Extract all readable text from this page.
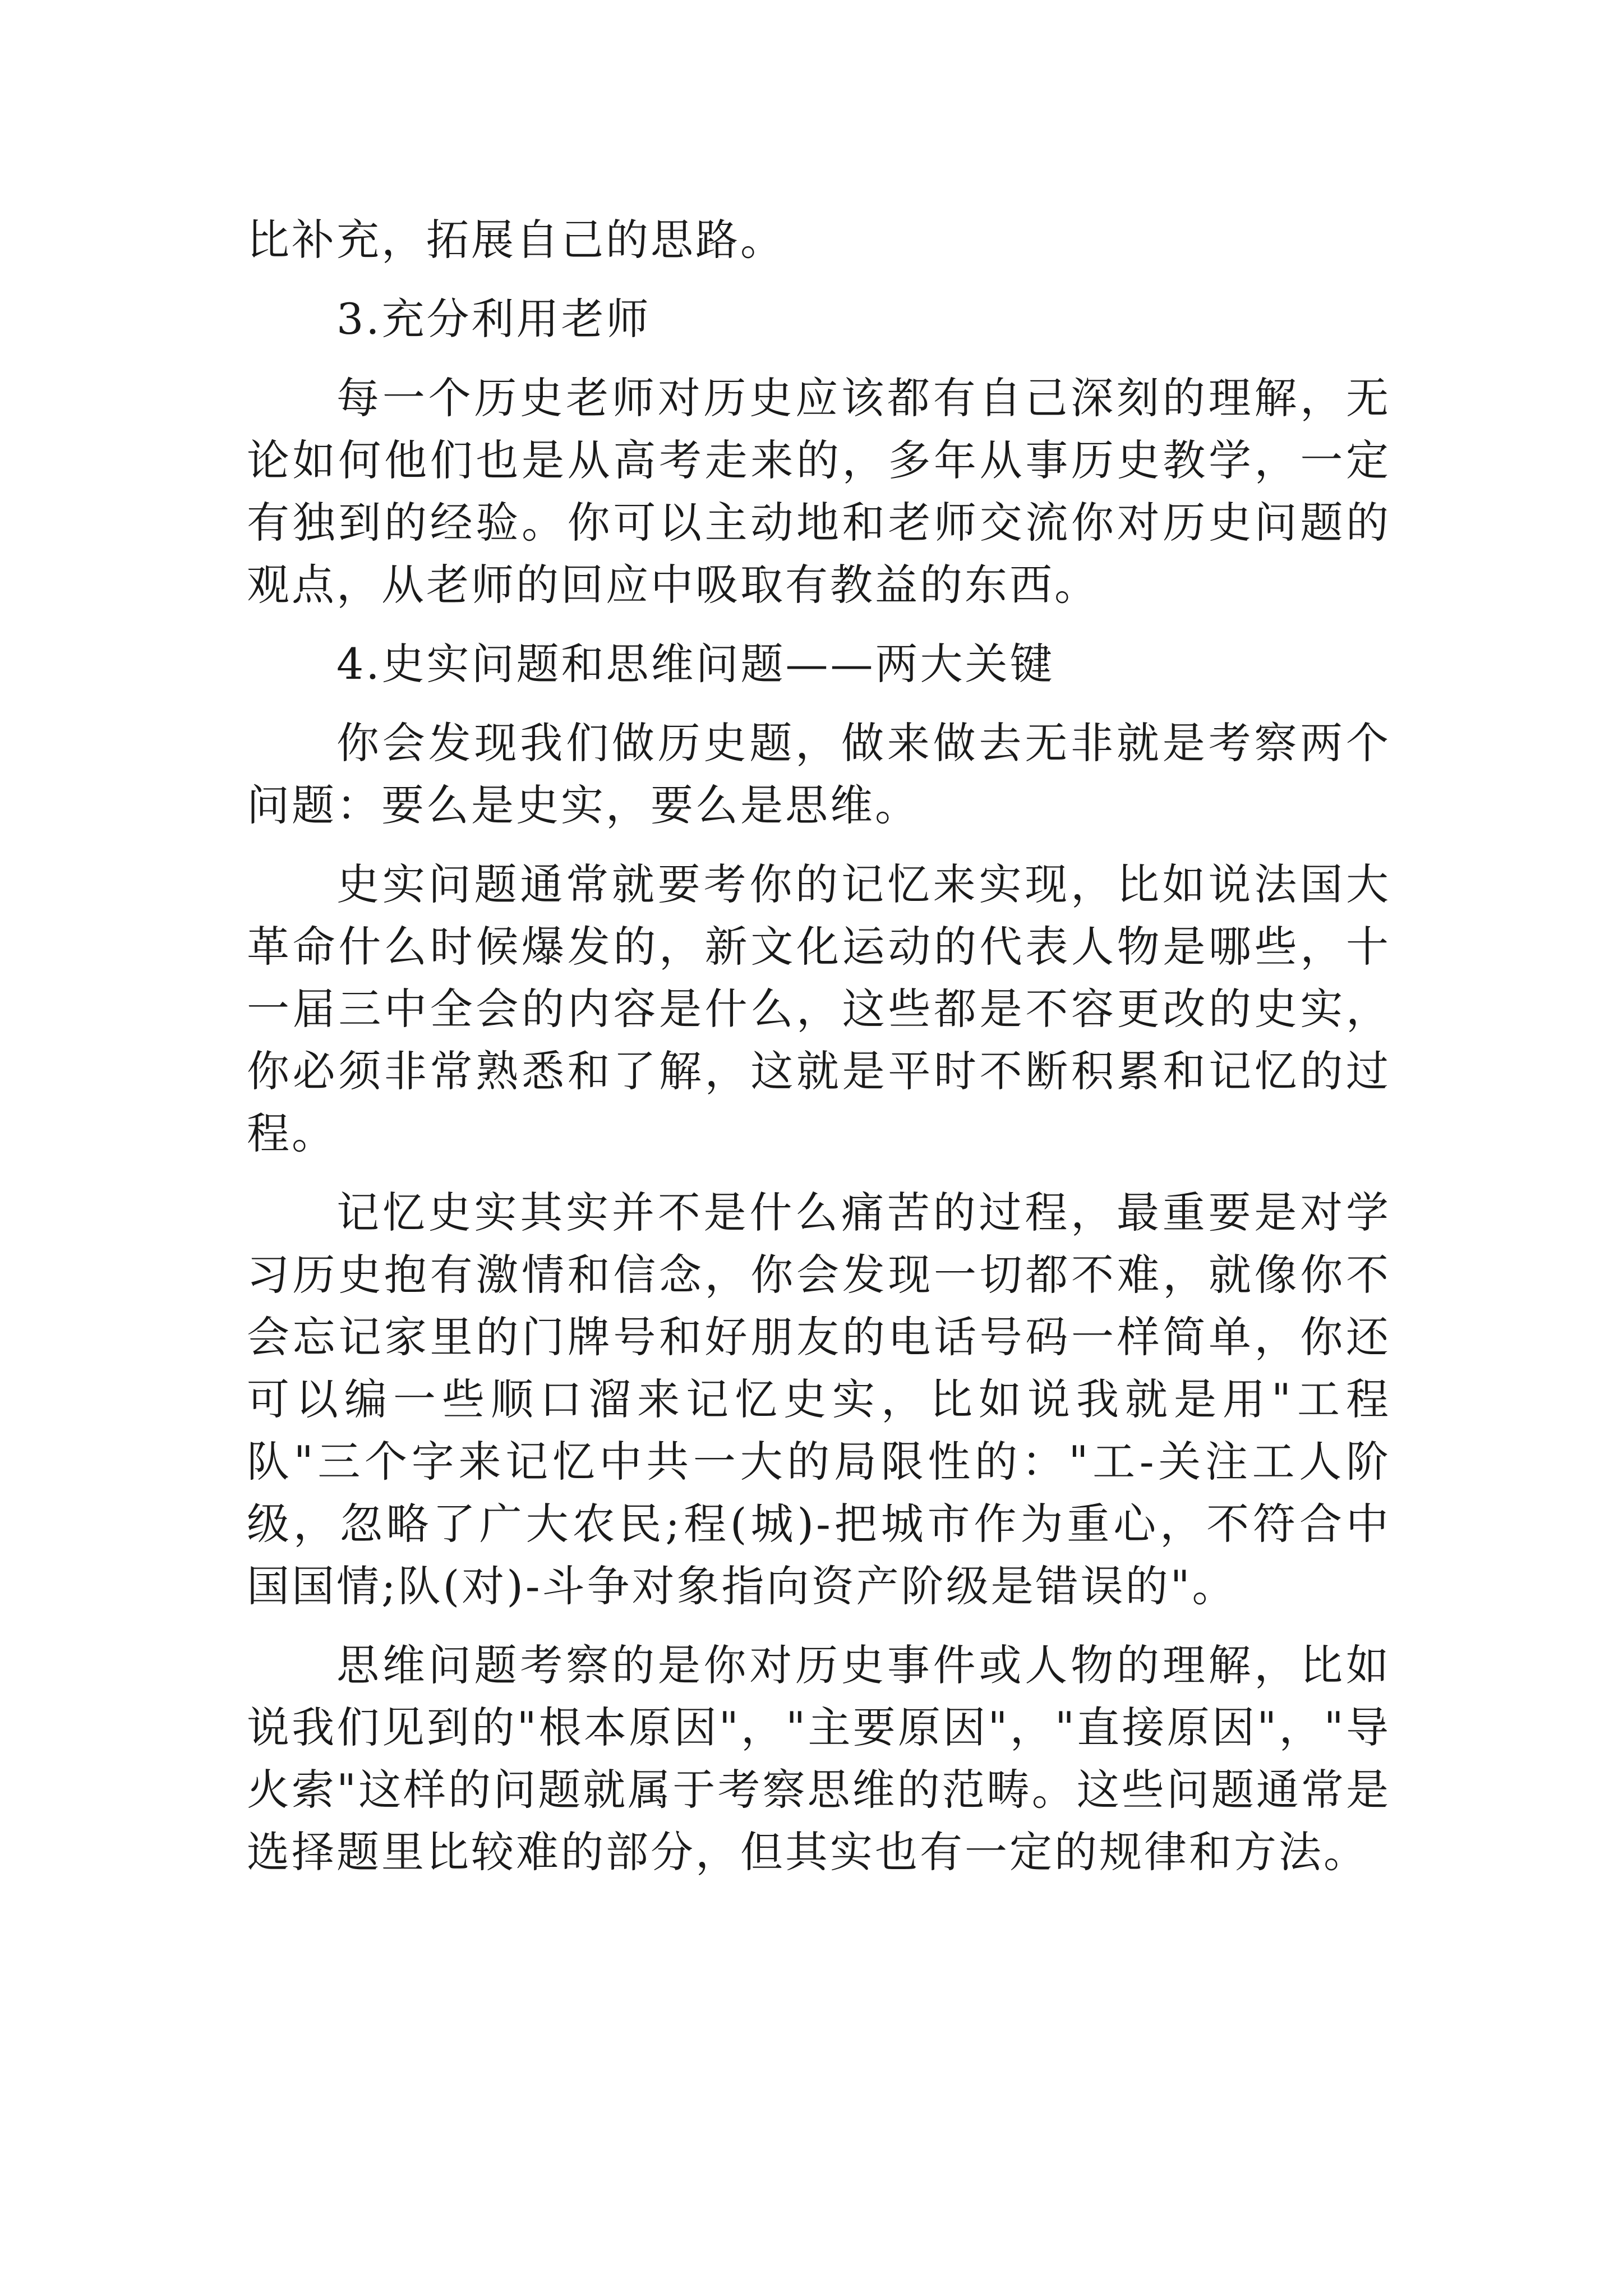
比补充，拓展自己的思路。

3.充分利用老师

每一个历史老师对历史应该都有自己深刻的理解，无论如何他们也是从高考走来的，多年从事历史教学，一定有独到的经验。你可以主动地和老师交流你对历史问题的观点，从老师的回应中吸取有教益的东西。

4.史实问题和思维问题——两大关键

你会发现我们做历史题，做来做去无非就是考察两个问题：要么是史实，要么是思维。

史实问题通常就要考你的记忆来实现，比如说法国大革命什么时候爆发的，新文化运动的代表人物是哪些，十一届三中全会的内容是什么，这些都是不容更改的史实，你必须非常熟悉和了解，这就是平时不断积累和记忆的过程。

记忆史实其实并不是什么痛苦的过程，最重要是对学习历史抱有激情和信念，你会发现一切都不难，就像你不会忘记家里的门牌号和好朋友的电话号码一样简单，你还可以编一些顺口溜来记忆史实，比如说我就是用"工程队"三个字来记忆中共一大的局限性的："工-关注工人阶级，忽略了广大农民;程(城)-把城市作为重心，不符合中国国情;队(对)-斗争对象指向资产阶级是错误的"。

思维问题考察的是你对历史事件或人物的理解，比如说我们见到的"根本原因"，"主要原因"，"直接原因"，"导火索"这样的问题就属于考察思维的范畴。这些问题通常是选择题里比较难的部分，但其实也有一定的规律和方法。
